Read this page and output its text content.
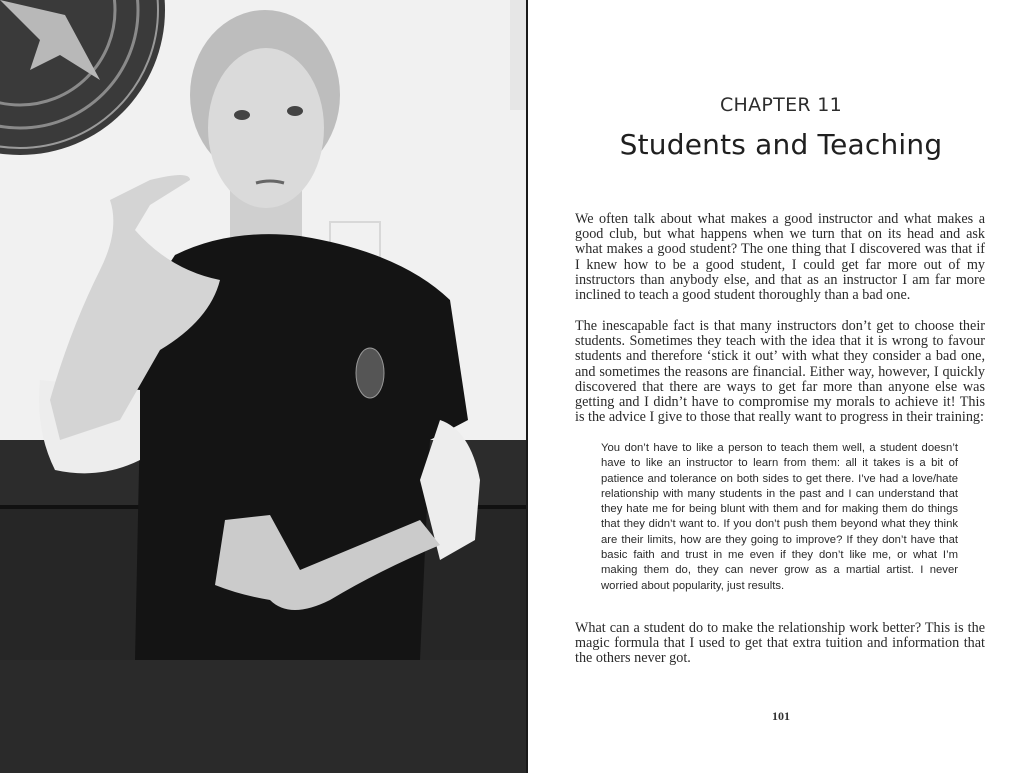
CHAPTER 11
Students and Teaching

We often talk about what makes a good instructor and what makes a good club, but what happens when we turn that on its head and ask what makes a good student? The one thing that I discovered was that if I knew how to be a good student, I could get far more out of my instructors than anybody else, and that as an instructor I am far more inclined to teach a good student thoroughly than a bad one.

The inescapable fact is that many instructors don’t get to choose their students. Sometimes they teach with the idea that it is wrong to favour students and therefore ‘stick it out’ with what they consider a bad one, and sometimes the reasons are financial. Either way, however, I quickly discovered that there are ways to get far more than anyone else was getting and I didn’t have to compromise my morals to achieve it! This is the advice I give to those that really want to progress in their training:

You don’t have to like a person to teach them well, a student doesn’t have to like an instructor to learn from them: all it takes is a bit of patience and tolerance on both sides to get there. I’ve had a love/hate relationship with many students in the past and I can understand that they hate me for being blunt with them and for making them do things that they didn’t want to. If you don’t push them beyond what they think are their limits, how are they going to improve? If they don’t have that basic faith and trust in me even if they don’t like me, or what I’m making them do, they can never grow as a martial artist. I never worried about popularity, just results.

What can a student do to make the relationship work better? This is the magic formula that I used to get that extra tuition and information that the others never got.

101
